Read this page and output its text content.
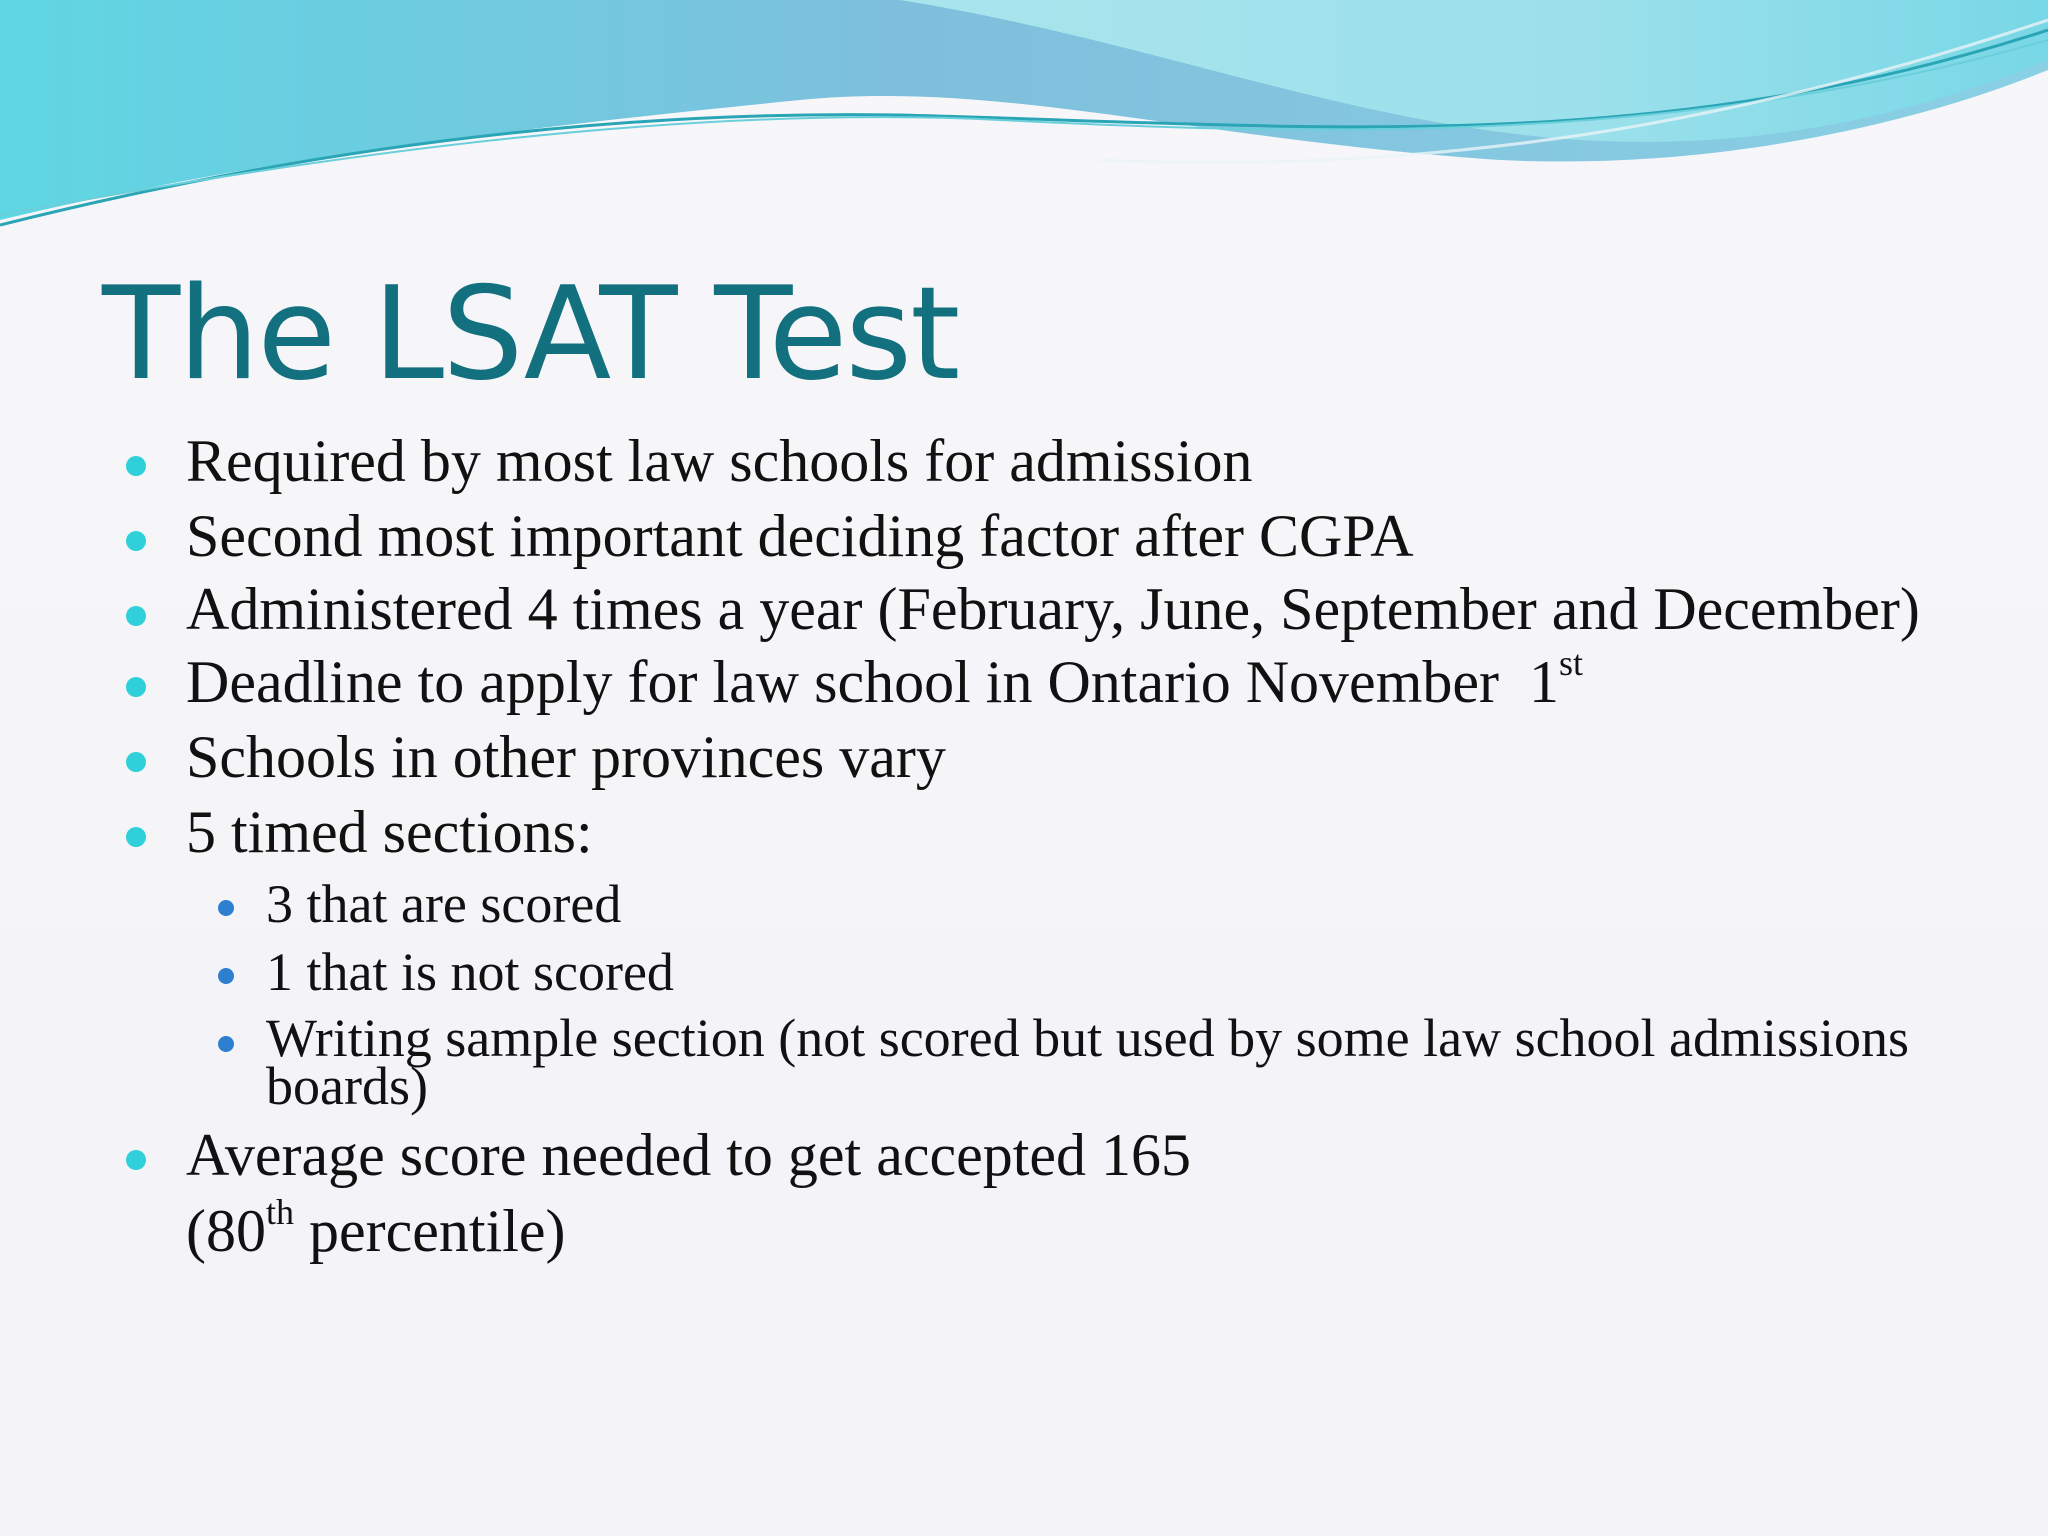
The LSAT Test
Required by most law schools for admission
Second most important deciding factor after CGPA
Administered 4 times a year (February, June, September and December)
Deadline to apply for law school in Ontario November  1st
Schools in other provinces vary
5 timed sections:
3 that are scored
1 that is not scored
Writing sample section (not scored but used by some law school admissions boards)
Average score needed to get accepted 165
(80th percentile)
